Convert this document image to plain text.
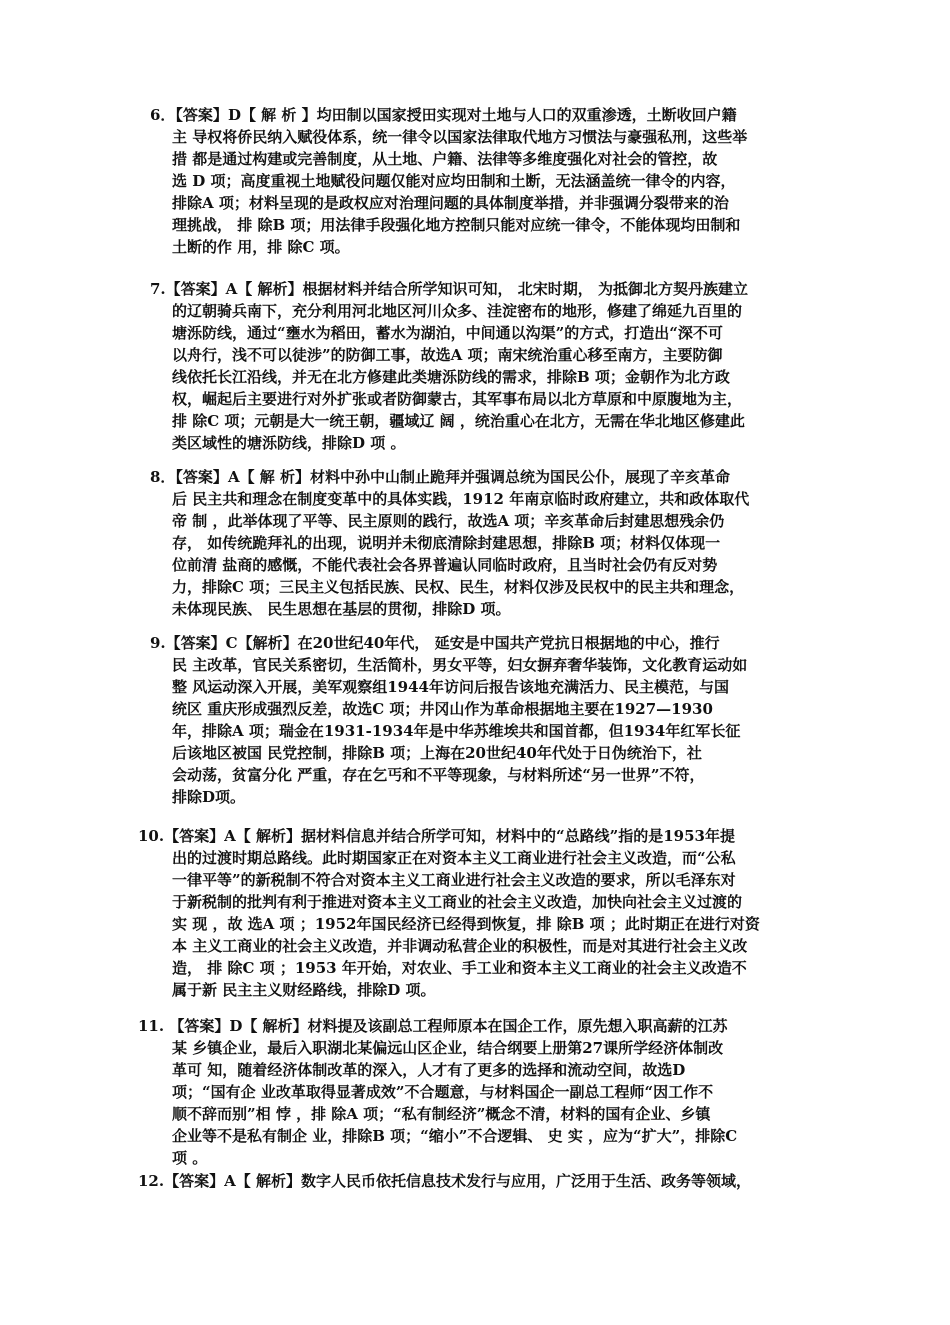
6．【答案】D【 解 析 】均田制以国家授田实现对土地与人口的双重渗透，土断收回户籍
主 导权将侨民纳入赋役体系，统一律令以国家法律取代地方习惯法与豪强私刑，这些举
措 都是通过构建或完善制度，从土地、户籍、法律等多维度强化对社会的管控，故
选 D 项；高度重视土地赋役问题仅能对应均田制和土断，无法涵盖统一律令的内容，
排除A 项；材料呈现的是政权应对治理问题的具体制度举措，并非强调分裂带来的治
理挑战， 排 除B 项；用法律手段强化地方控制只能对应统一律令，不能体现均田制和
土断的作 用，排 除C 项。
7.【答案】A【 解析】根据材料并结合所学知识可知， 北宋时期， 为抵御北方契丹族建立
的辽朝骑兵南下，充分利用河北地区河川众多、洼淀密布的地形，修建了绵延九百里的
塘泺防线，通过“壅水为稻田，蓄水为湖泊，中间通以沟渠”的方式，打造出“深不可
以舟行，浅不可以徒涉”的防御工事，故选A 项；南宋统治重心移至南方，主要防御
线依托长江沿线，并无在北方修建此类塘泺防线的需求，排除B 项；金朝作为北方政
权，崛起后主要进行对外扩张或者防御蒙古，其军事布局以北方草原和中原腹地为主，
排 除C 项；元朝是大一统王朝，疆域辽 阔 ，统治重心在北方，无需在华北地区修建此
类区域性的塘泺防线，排除D 项 。
8．【答案】A【 解 析】材料中孙中山制止跪拜并强调总统为国民公仆，展现了辛亥革命
后 民主共和理念在制度变革中的具体实践，1912 年南京临时政府建立，共和政体取代
帝 制 ，此举体现了平等、民主原则的践行，故选A 项；辛亥革命后封建思想残余仍
存， 如传统跪拜礼的出现，说明并未彻底清除封建思想，排除B 项；材料仅体现一
位前清 盐商的感慨，不能代表社会各界普遍认同临时政府，且当时社会仍有反对势
力，排除C 项；三民主义包括民族、民权、民生，材料仅涉及民权中的民主共和理念，
未体现民族、 民生思想在基层的贯彻，排除D 项。
9.【答案】C【解析】在20世纪40年代， 延安是中国共产党抗日根据地的中心，推行
民 主改革，官民关系密切，生活简朴，男女平等，妇女摒弃奢华装饰，文化教育运动如
整 风运动深入开展，美军观察组1944年访问后报告该地充满活力、民主模范，与国
统区 重庆形成强烈反差，故选C 项；井冈山作为革命根据地主要在1927—1930
年，排除A 项；瑞金在1931-1934年是中华苏维埃共和国首都，但1934年红军长征
后该地区被国 民党控制，排除B 项；上海在20世纪40年代处于日伪统治下，社
会动荡，贫富分化 严重，存在乞丐和不平等现象，与材料所述“另一世界”不符，
排除D项。
10.【答案】A【 解析】据材料信息并结合所学可知，材料中的“总路线”指的是1953年提
出的过渡时期总路线。此时期国家正在对资本主义工商业进行社会主义改造，而“公私
一律平等”的新税制不符合对资本主义工商业进行社会主义改造的要求，所以毛泽东对
于新税制的批判有利于推进对资本主义工商业的社会主义改造，加快向社会主义过渡的
实 现 ，故 选A 项 ；1952年国民经济已经得到恢复，排 除B 项 ；此时期正在进行对资
本 主义工商业的社会主义改造，并非调动私营企业的积极性，而是对其进行社会主义改
造， 排 除C 项 ；1953 年开始，对农业、手工业和资本主义工商业的社会主义改造不
属于新 民主主义财经路线，排除D 项。
11. 【答案】D【 解析】材料提及该副总工程师原本在国企工作，原先想入职高薪的江苏
某 乡镇企业，最后入职湖北某偏远山区企业，结合纲要上册第27课所学经济体制改
革可 知，随着经济体制改革的深入，人才有了更多的选择和流动空间，故选D
项；“国有企 业改革取得显著成效”不合题意，与材料国企一副总工程师“因工作不
顺不辞而别”相 悖 ，排 除A 项；“私有制经济”概念不清，材料的国有企业、乡镇
企业等不是私有制企 业，排除B 项；“缩小”不合逻辑、 史 实 ，应为“扩大”，排除C
项 。
12.【答案】A【 解析】数字人民币依托信息技术发行与应用，广泛用于生活、政务等领域，
